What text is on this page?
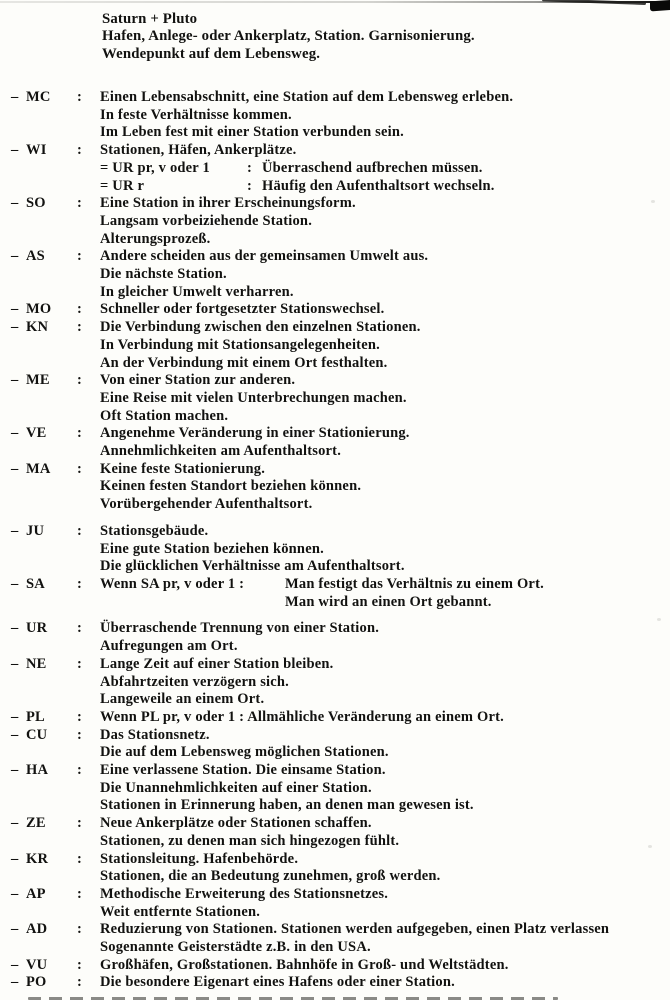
Saturn + Pluto
Hafen, Anlege- oder Ankerplatz, Station. Garnisonierung.
Wendepunkt auf dem Lebensweg.
– MC	:	Einen Lebensabschnitt, eine Station auf dem Lebensweg erleben.
In feste Verhältnisse kommen.
Im Leben fest mit einer Station verbunden sein.
– WI	:	Stationen, Häfen, Ankerplätze.
= UR pr, v oder 1	: Überraschend aufbrechen müssen.
= UR r	: Häufig den Aufenthaltsort wechseln.
– SO	:	Eine Station in ihrer Erscheinungsform.
Langsam vorbeiziehende Station.
Alterungsprozeß.
– AS	:	Andere scheiden aus der gemeinsamen Umwelt aus.
Die nächste Station.
In gleicher Umwelt verharren.
– MO	:	Schneller oder fortgesetzter Stationswechsel.
– KN	:	Die Verbindung zwischen den einzelnen Stationen.
In Verbindung mit Stationsangelegenheiten.
An der Verbindung mit einem Ort festhalten.
– ME	:	Von einer Station zur anderen.
Eine Reise mit vielen Unterbrechungen machen.
Oft Station machen.
– VE	:	Angenehme Veränderung in einer Stationierung.
Annehmlichkeiten am Aufenthaltsort.
– MA	:	Keine feste Stationierung.
Keinen festen Standort beziehen können.
Vorübergehender Aufenthaltsort.
– JU	:	Stationsgebäude.
Eine gute Station beziehen können.
Die glücklichen Verhältnisse am Aufenthaltsort.
– SA	:	Wenn SA pr, v oder 1 :	Man festigt das Verhältnis zu einem Ort.
Man wird an einen Ort gebannt.
– UR	:	Überraschende Trennung von einer Station.
Aufregungen am Ort.
– NE	:	Lange Zeit auf einer Station bleiben.
Abfahrtzeiten verzögern sich.
Langeweile an einem Ort.
– PL	:	Wenn PL pr, v oder 1 : Allmähliche Veränderung an einem Ort.
– CU	:	Das Stationsnetz.
Die auf dem Lebensweg möglichen Stationen.
– HA	:	Eine verlassene Station. Die einsame Station.
Die Unannehmlichkeiten auf einer Station.
Stationen in Erinnerung haben, an denen man gewesen ist.
– ZE	:	Neue Ankerplätze oder Stationen schaffen.
Stationen, zu denen man sich hingezogen fühlt.
– KR	:	Stationsleitung. Hafenbehörde.
Stationen, die an Bedeutung zunehmen, groß werden.
– AP	:	Methodische Erweiterung des Stationsnetzes.
Weit entfernte Stationen.
– AD	:	Reduzierung von Stationen. Stationen werden aufgegeben, einen Platz verlassen
Sogenannte Geisterstädte z.B. in den USA.
– VU	:	Großhäfen, Großstationen. Bahnhöfe in Groß- und Weltstädten.
– PO	:	Die besondere Eigenart eines Hafens oder einer Station.
